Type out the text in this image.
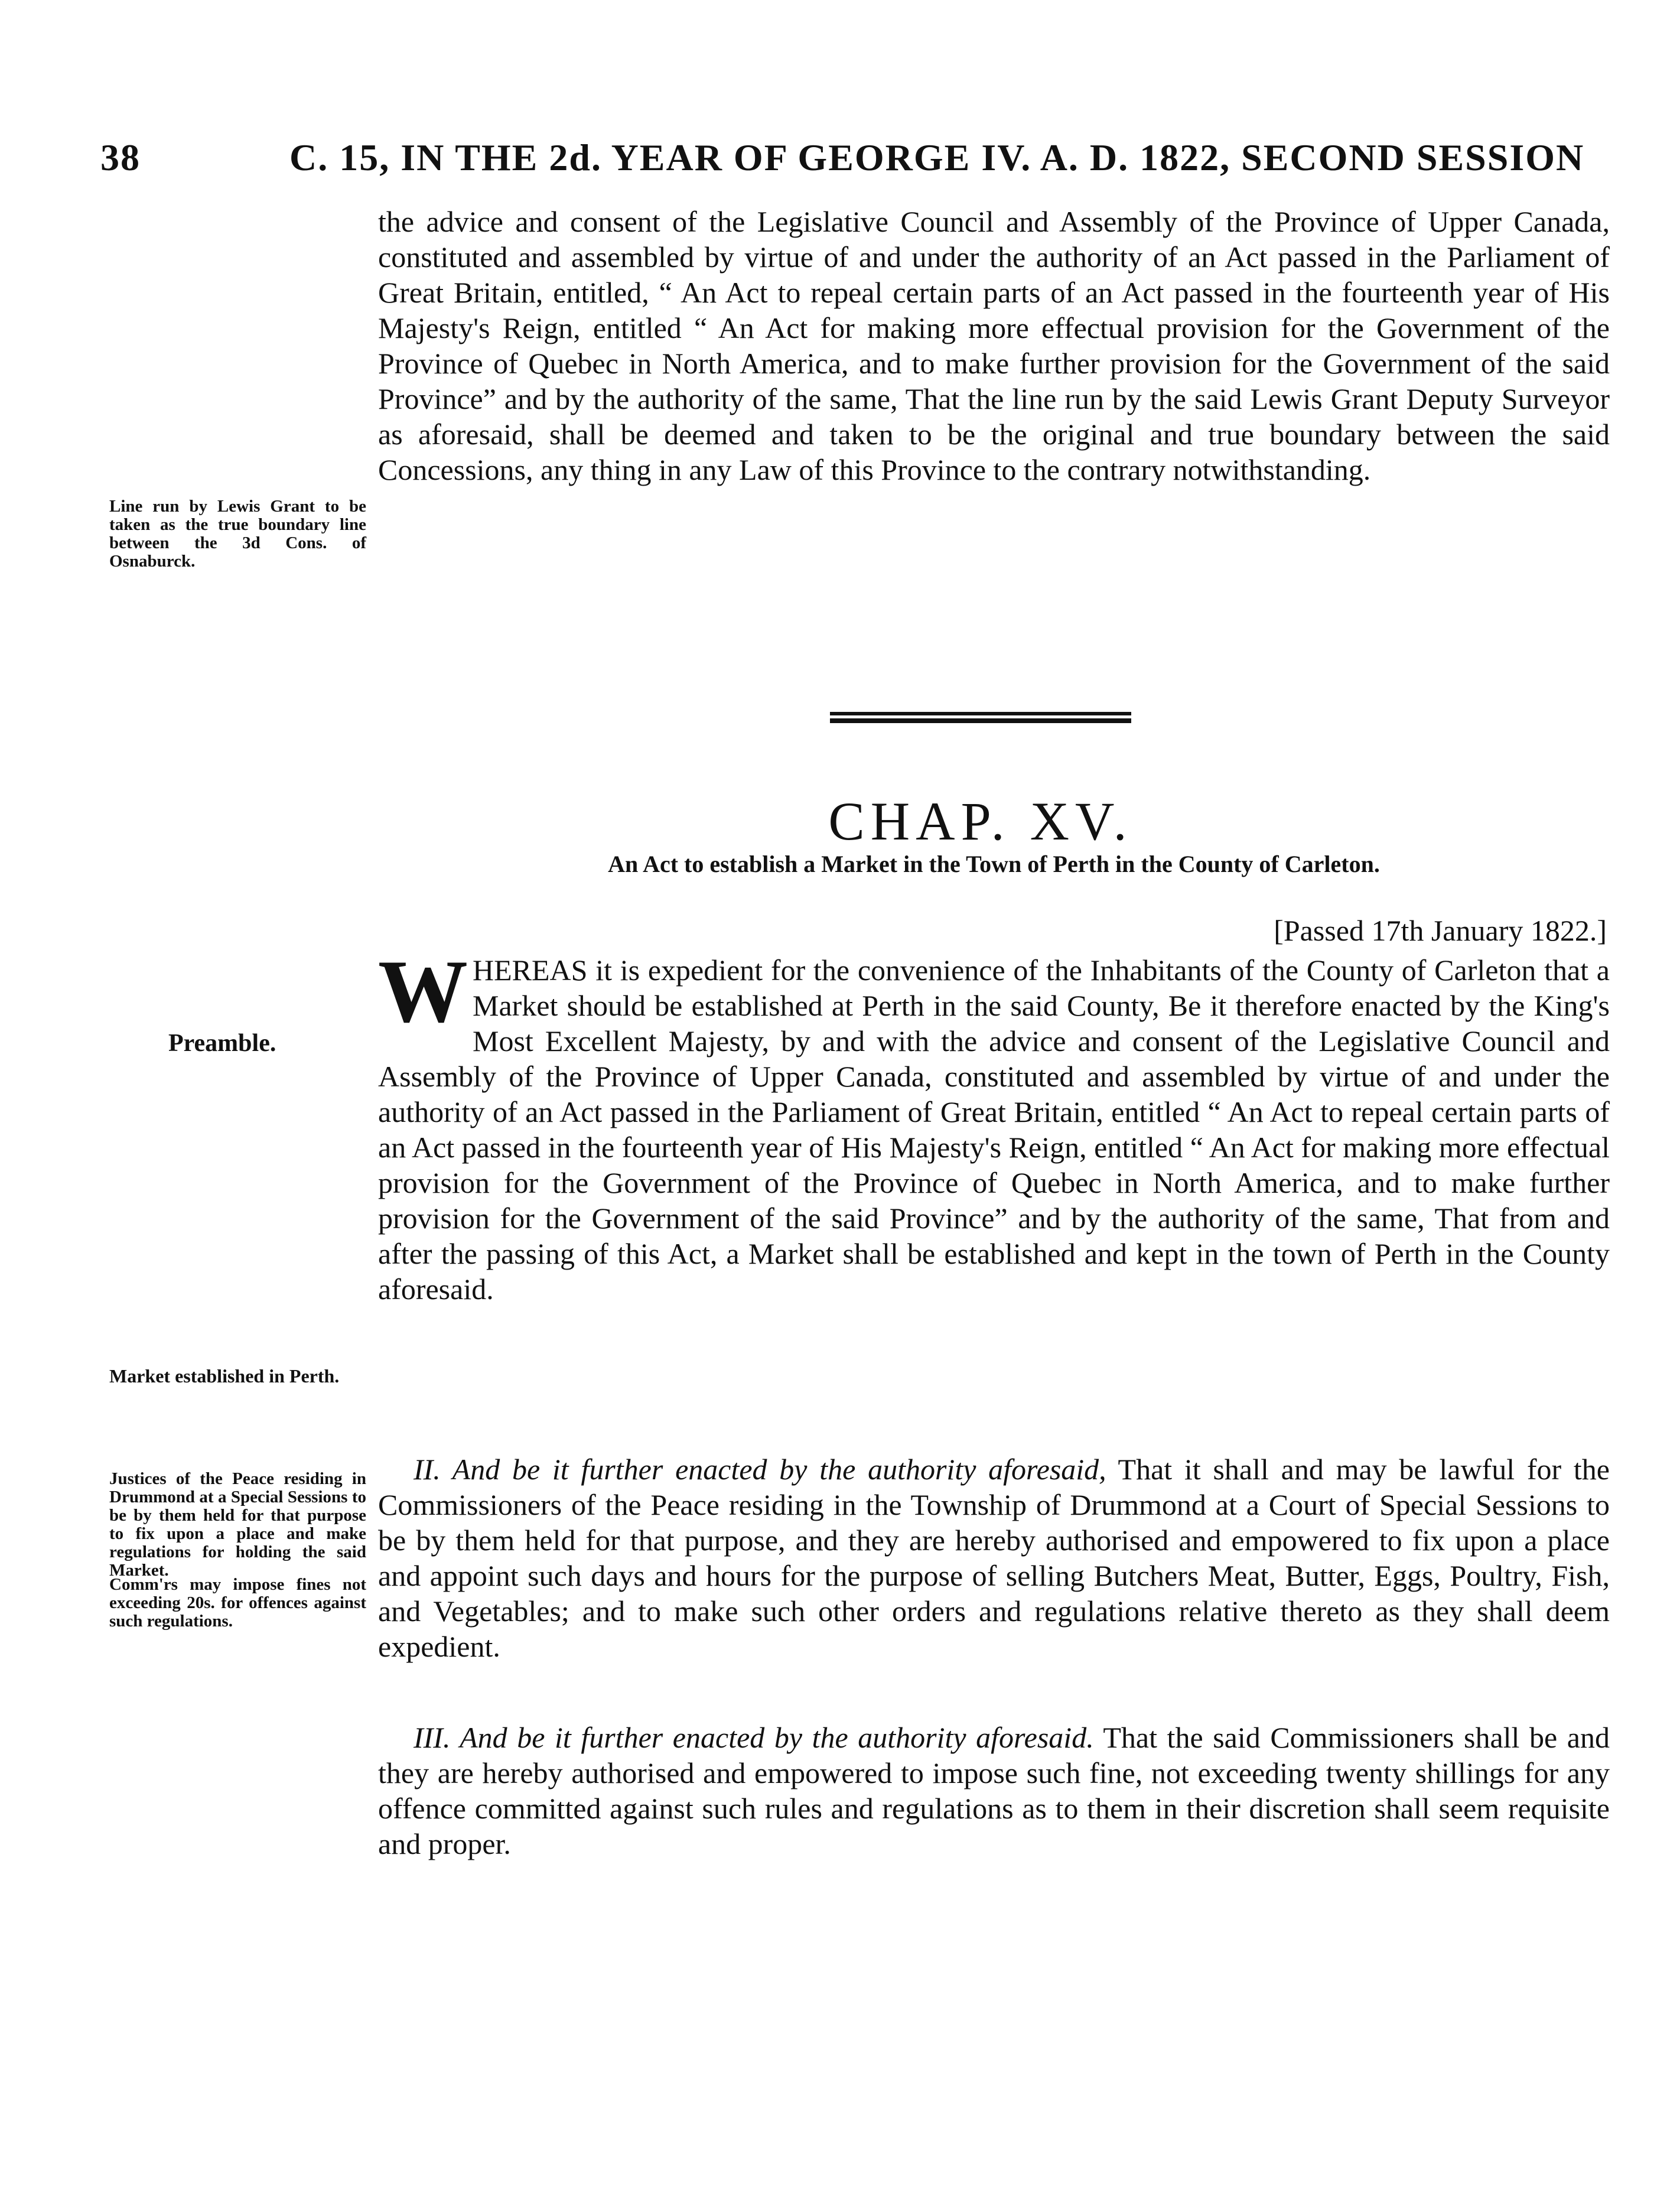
38	C. 15, IN THE 2d. YEAR OF GEORGE IV. A. D. 1822, SECOND SESSION

the advice and consent of the Legislative Council and Assembly of the Province of Upper Canada, constituted and assembled by virtue of and under the authority of an Act passed in the Parliament of Great Britain, entitled, “ An Act to repeal certain parts of an Act passed in the fourteenth year of His Majesty's Reign, entitled “ An Act for making more effectual provision for the Government of the Province of Quebec in North America, and to make further provision for the Government of the said Province” and by the authority of the same, That the line run by the said Lewis Grant Deputy Surveyor as aforesaid, shall be deemed and taken to be the original and true boundary between the said Concessions, any thing in any Law of this Province to the contrary notwithstanding.

Line run by Lewis Grant to be taken as the true boundary line between the 3d Cons. of Osnaburck.
CHAP. XV.
An Act to establish a Market in the Town of Perth in the County of Carleton.
[Passed 17th January 1822.]
Preamble.

WHEREAS it is expedient for the convenience of the Inhabitants of the County of Carleton that a Market should be established at Perth in the said County, Be it therefore enacted by the King's Most Excellent Majesty, by and with the advice and consent of the Legislative Council and Assembly of the Province of Upper Canada, constituted and assembled by virtue of and under the authority of an Act passed in the Parliament of Great Britain, entitled “ An Act to repeal certain parts of an Act passed in the fourteenth year of His Majesty's Reign, entitled “ An Act for making more effectual provision for the Government of the Province of Quebec in North America, and to make further provision for the Government of the said Province” and by the authority of the same, That from and after the passing of this Act, a Market shall be established and kept in the town of Perth in the County aforesaid.

Market established in Perth.

II. And be it further enacted by the authority aforesaid, That it shall and may be lawful for the Commissioners of the Peace residing in the Township of Drummond at a Court of Special Sessions to be by them held for that purpose, and they are hereby authorised and empowered to fix upon a place and appoint such days and hours for the purpose of selling Butchers Meat, Butter, Eggs, Poultry, Fish, and Vegetables; and to make such other orders and regulations relative thereto as they shall deem expedient.

Justices of the Peace residing in Drummond at a Special Sessions to be by them held for that purpose to fix upon a place and make regulations for holding the said Market.

III. And be it further enacted by the authority aforesaid. That the said Commissioners shall be and they are hereby authorised and empowered to impose such fine, not exceeding twenty shillings for any offence committed against such rules and regulations as to them in their discretion shall seem requisite and proper.

Comm'rs may impose fines not exceeding 20s. for offences against such regulations.
